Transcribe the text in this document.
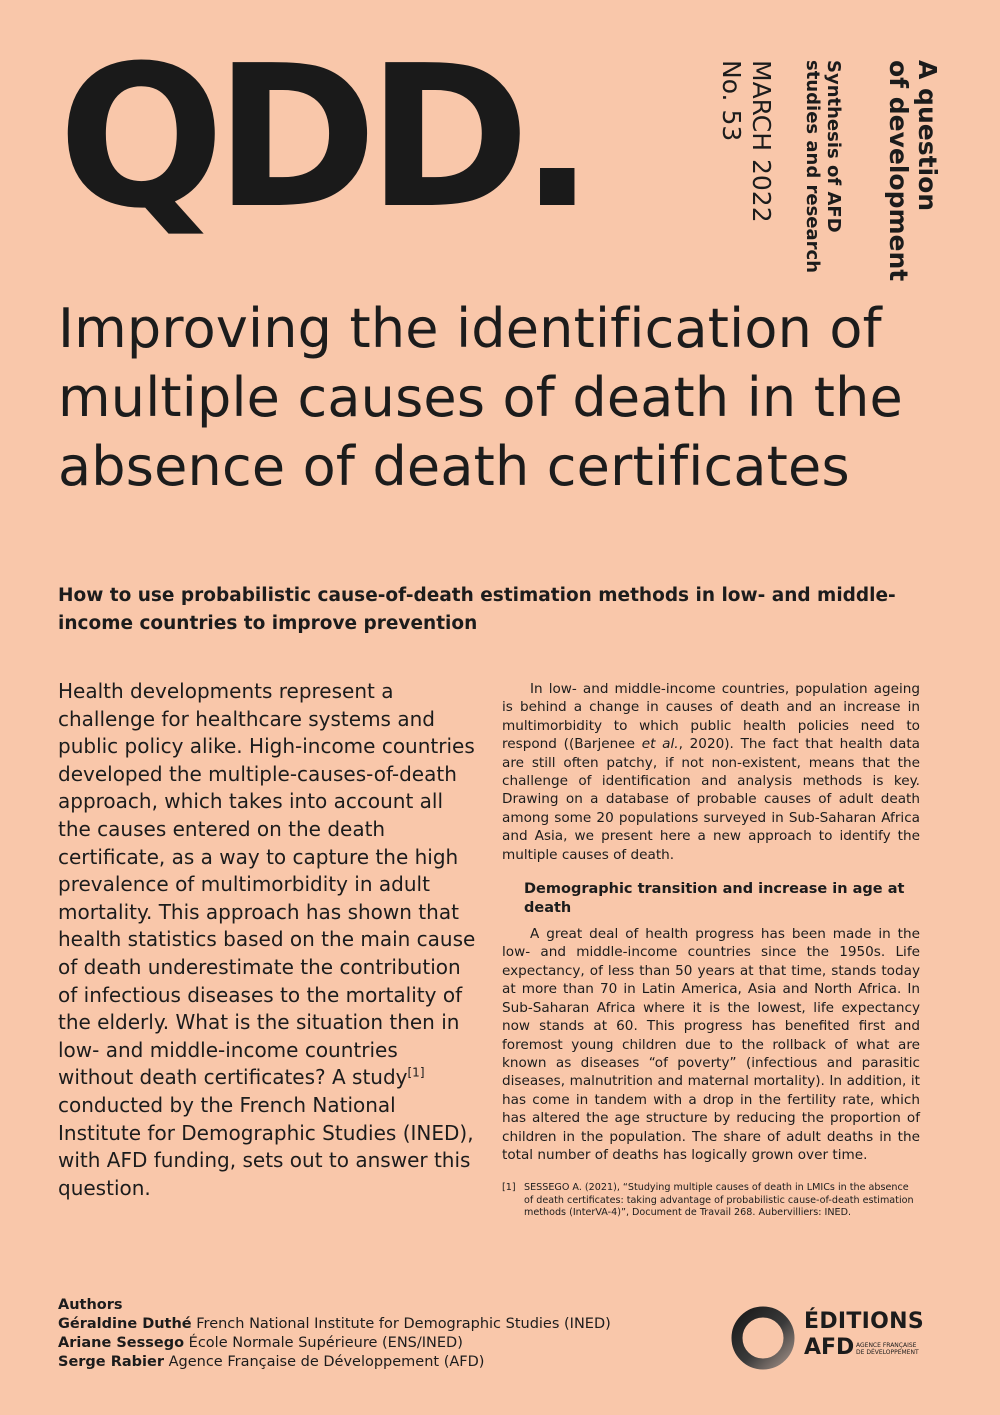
QDD.	A question
of development
Synthesis of AFD
studies and research
MARCH 2022
No. 53
Improving the identification of multiple causes of death in the absence of death certificates
How to use probabilistic cause-of-death estimation methods in low- and middle-income countries to improve prevention

Health developments represent a challenge for healthcare systems and public policy alike. High-income countries developed the multiple-causes-of-death approach, which takes into account all the causes entered on the death certificate, as a way to capture the high prevalence of multimorbidity in adult mortality. This approach has shown that health statistics based on the main cause of death underestimate the contribution of infectious diseases to the mortality of the elderly. What is the situation then in low- and middle-income countries without death certificates? A study[1] conducted by the French National Institute for Demographic Studies (INED), with AFD funding, sets out to answer this question.

In low- and middle-income countries, population ageing is behind a change in causes of death and an increase in multimorbidity to which public health policies need to respond ((Barjenee et al., 2020). The fact that health data are still often patchy, if not non-existent, means that the challenge of identification and analysis methods is key. Drawing on a database of probable causes of adult death among some 20 populations surveyed in Sub-Saharan Africa and Asia, we present here a new approach to identify the multiple causes of death.

Demographic transition and increase in age at death

A great deal of health progress has been made in the low- and middle-income countries since the 1950s. Life expectancy, of less than 50 years at that time, stands today at more than 70 in Latin America, Asia and North Africa. In Sub-Saharan Africa where it is the lowest, life expectancy now stands at 60. This progress has benefited first and foremost young children due to the rollback of what are known as diseases “of poverty” (infectious and parasitic diseases, malnutrition and maternal mortality). In addition, it has come in tandem with a drop in the fertility rate, which has altered the age structure by reducing the proportion of children in the population. The share of adult deaths in the total number of deaths has logically grown over time.

[1] SESSEGO A. (2021), “Studying multiple causes of death in LMICs in the absence of death certificates: taking advantage of probabilistic cause-of-death estimation methods (InterVA-4)”, Document de Travail 268. Aubervilliers: INED.
Authors
Géraldine Duthé French National Institute for Demographic Studies (INED)
Ariane Sessego École Normale Supérieure (ENS/INED)
Serge Rabier Agence Française de Développement (AFD)
ÉDITIONS
AFD AGENCE FRANÇAISE
DE DÉVELOPPEMENT
